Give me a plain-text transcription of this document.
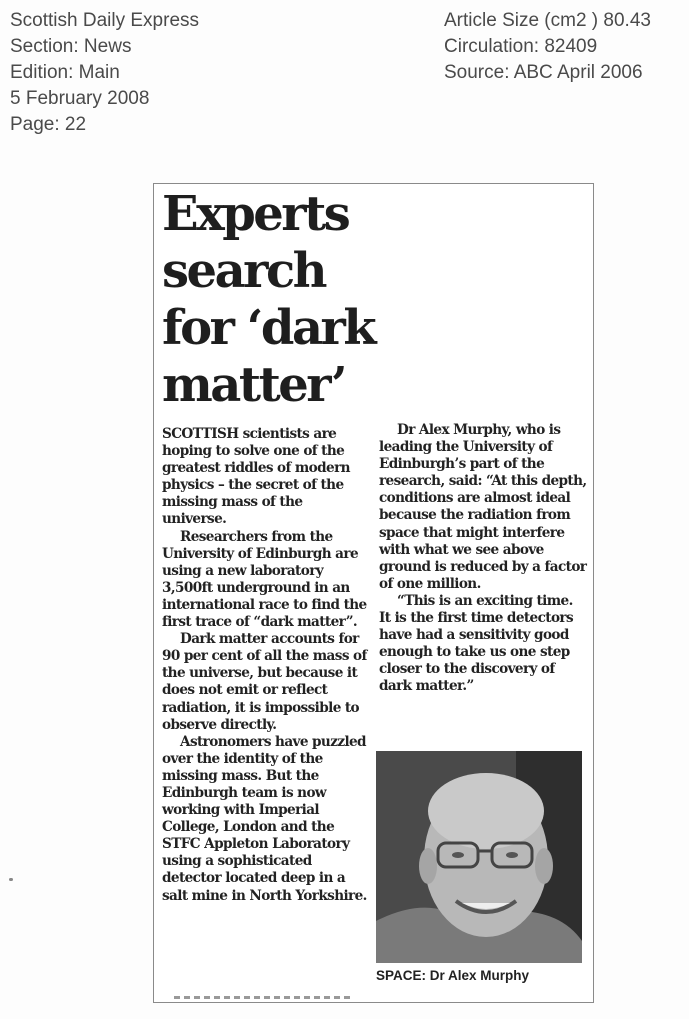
Scottish Daily Express
Section: News
Edition: Main
5 February 2008
Page: 22
Article Size (cm2 ) 80.43
Circulation: 82409
Source: ABC April 2006
Experts
search
for ‘dark
matter’

SCOTTISH scientists are hoping to solve one of the greatest riddles of modern physics – the secret of the missing mass of the universe.

Researchers from the University of Edinburgh are using a new laboratory 3,500ft underground in an international race to find the first trace of “dark matter”.

Dark matter accounts for 90 per cent of all the mass of the universe, but because it does not emit or reflect radiation, it is impossible to observe directly.

Astronomers have puzzled over the identity of the missing mass. But the Edinburgh team is now working with Imperial College, London and the STFC Appleton Laboratory using a sophisticated detector located deep in a salt mine in North Yorkshire.

Dr Alex Murphy, who is leading the University of Edinburgh’s part of the research, said: “At this depth, conditions are almost ideal because the radiation from space that might interfere with what we see above ground is reduced by a factor of one million.

“This is an exciting time. It is the first time detectors have had a sensitivity good enough to take us one step closer to the discovery of dark matter.”

SPACE: Dr Alex Murphy
